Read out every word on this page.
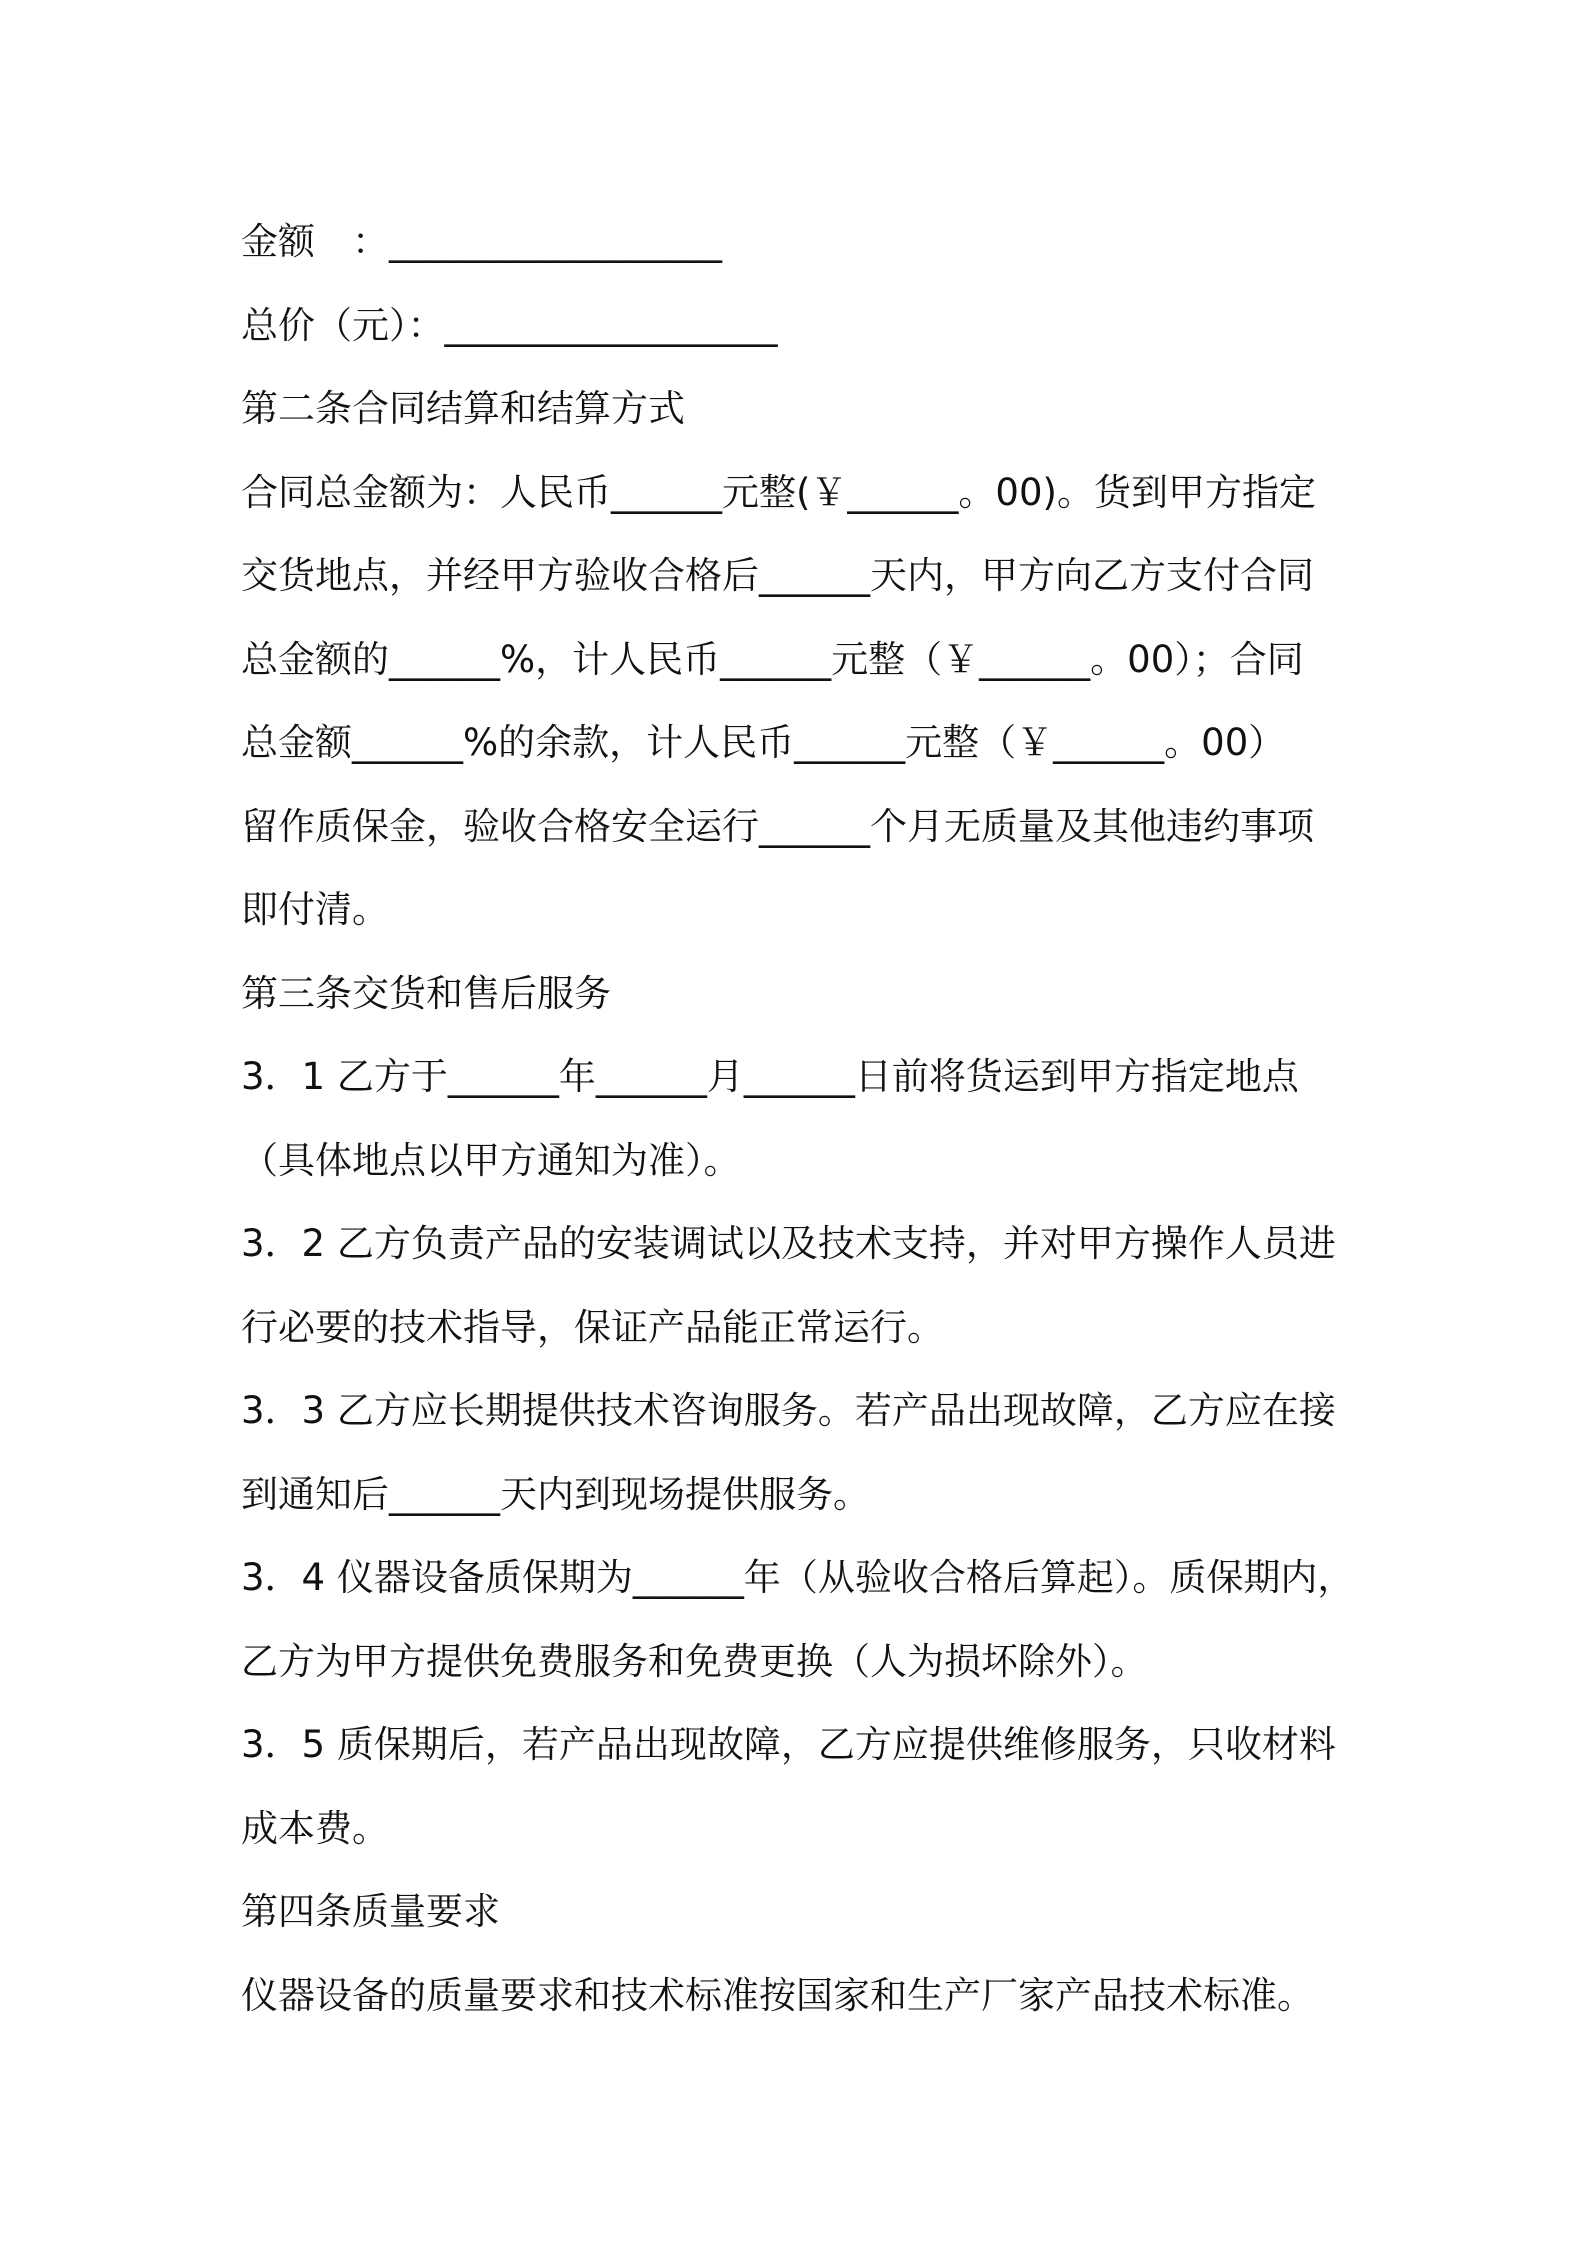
金额　：__________________
总价（元）：__________________
第二条合同结算和结算方式
合同总金额为：人民币______元整(￥______。00)。货到甲方指定
交货地点，并经甲方验收合格后______天内，甲方向乙方支付合同
总金额的______%，计人民币______元整（￥______。00）；合同
总金额______%的余款，计人民币______元整（￥______。00）
留作质保金，验收合格安全运行______个月无质量及其他违约事项
即付清。
第三条交货和售后服务
3．1 乙方于______年______月______日前将货运到甲方指定地点
（具体地点以甲方通知为准）。
3．2 乙方负责产品的安装调试以及技术支持，并对甲方操作人员进
行必要的技术指导，保证产品能正常运行。
3．3 乙方应长期提供技术咨询服务。若产品出现故障，乙方应在接
到通知后______天内到现场提供服务。
3．4 仪器设备质保期为______年（从验收合格后算起）。质保期内，
乙方为甲方提供免费服务和免费更换（人为损坏除外）。
3．5 质保期后，若产品出现故障，乙方应提供维修服务，只收材料
成本费。
第四条质量要求
仪器设备的质量要求和技术标准按国家和生产厂家产品技术标准。
